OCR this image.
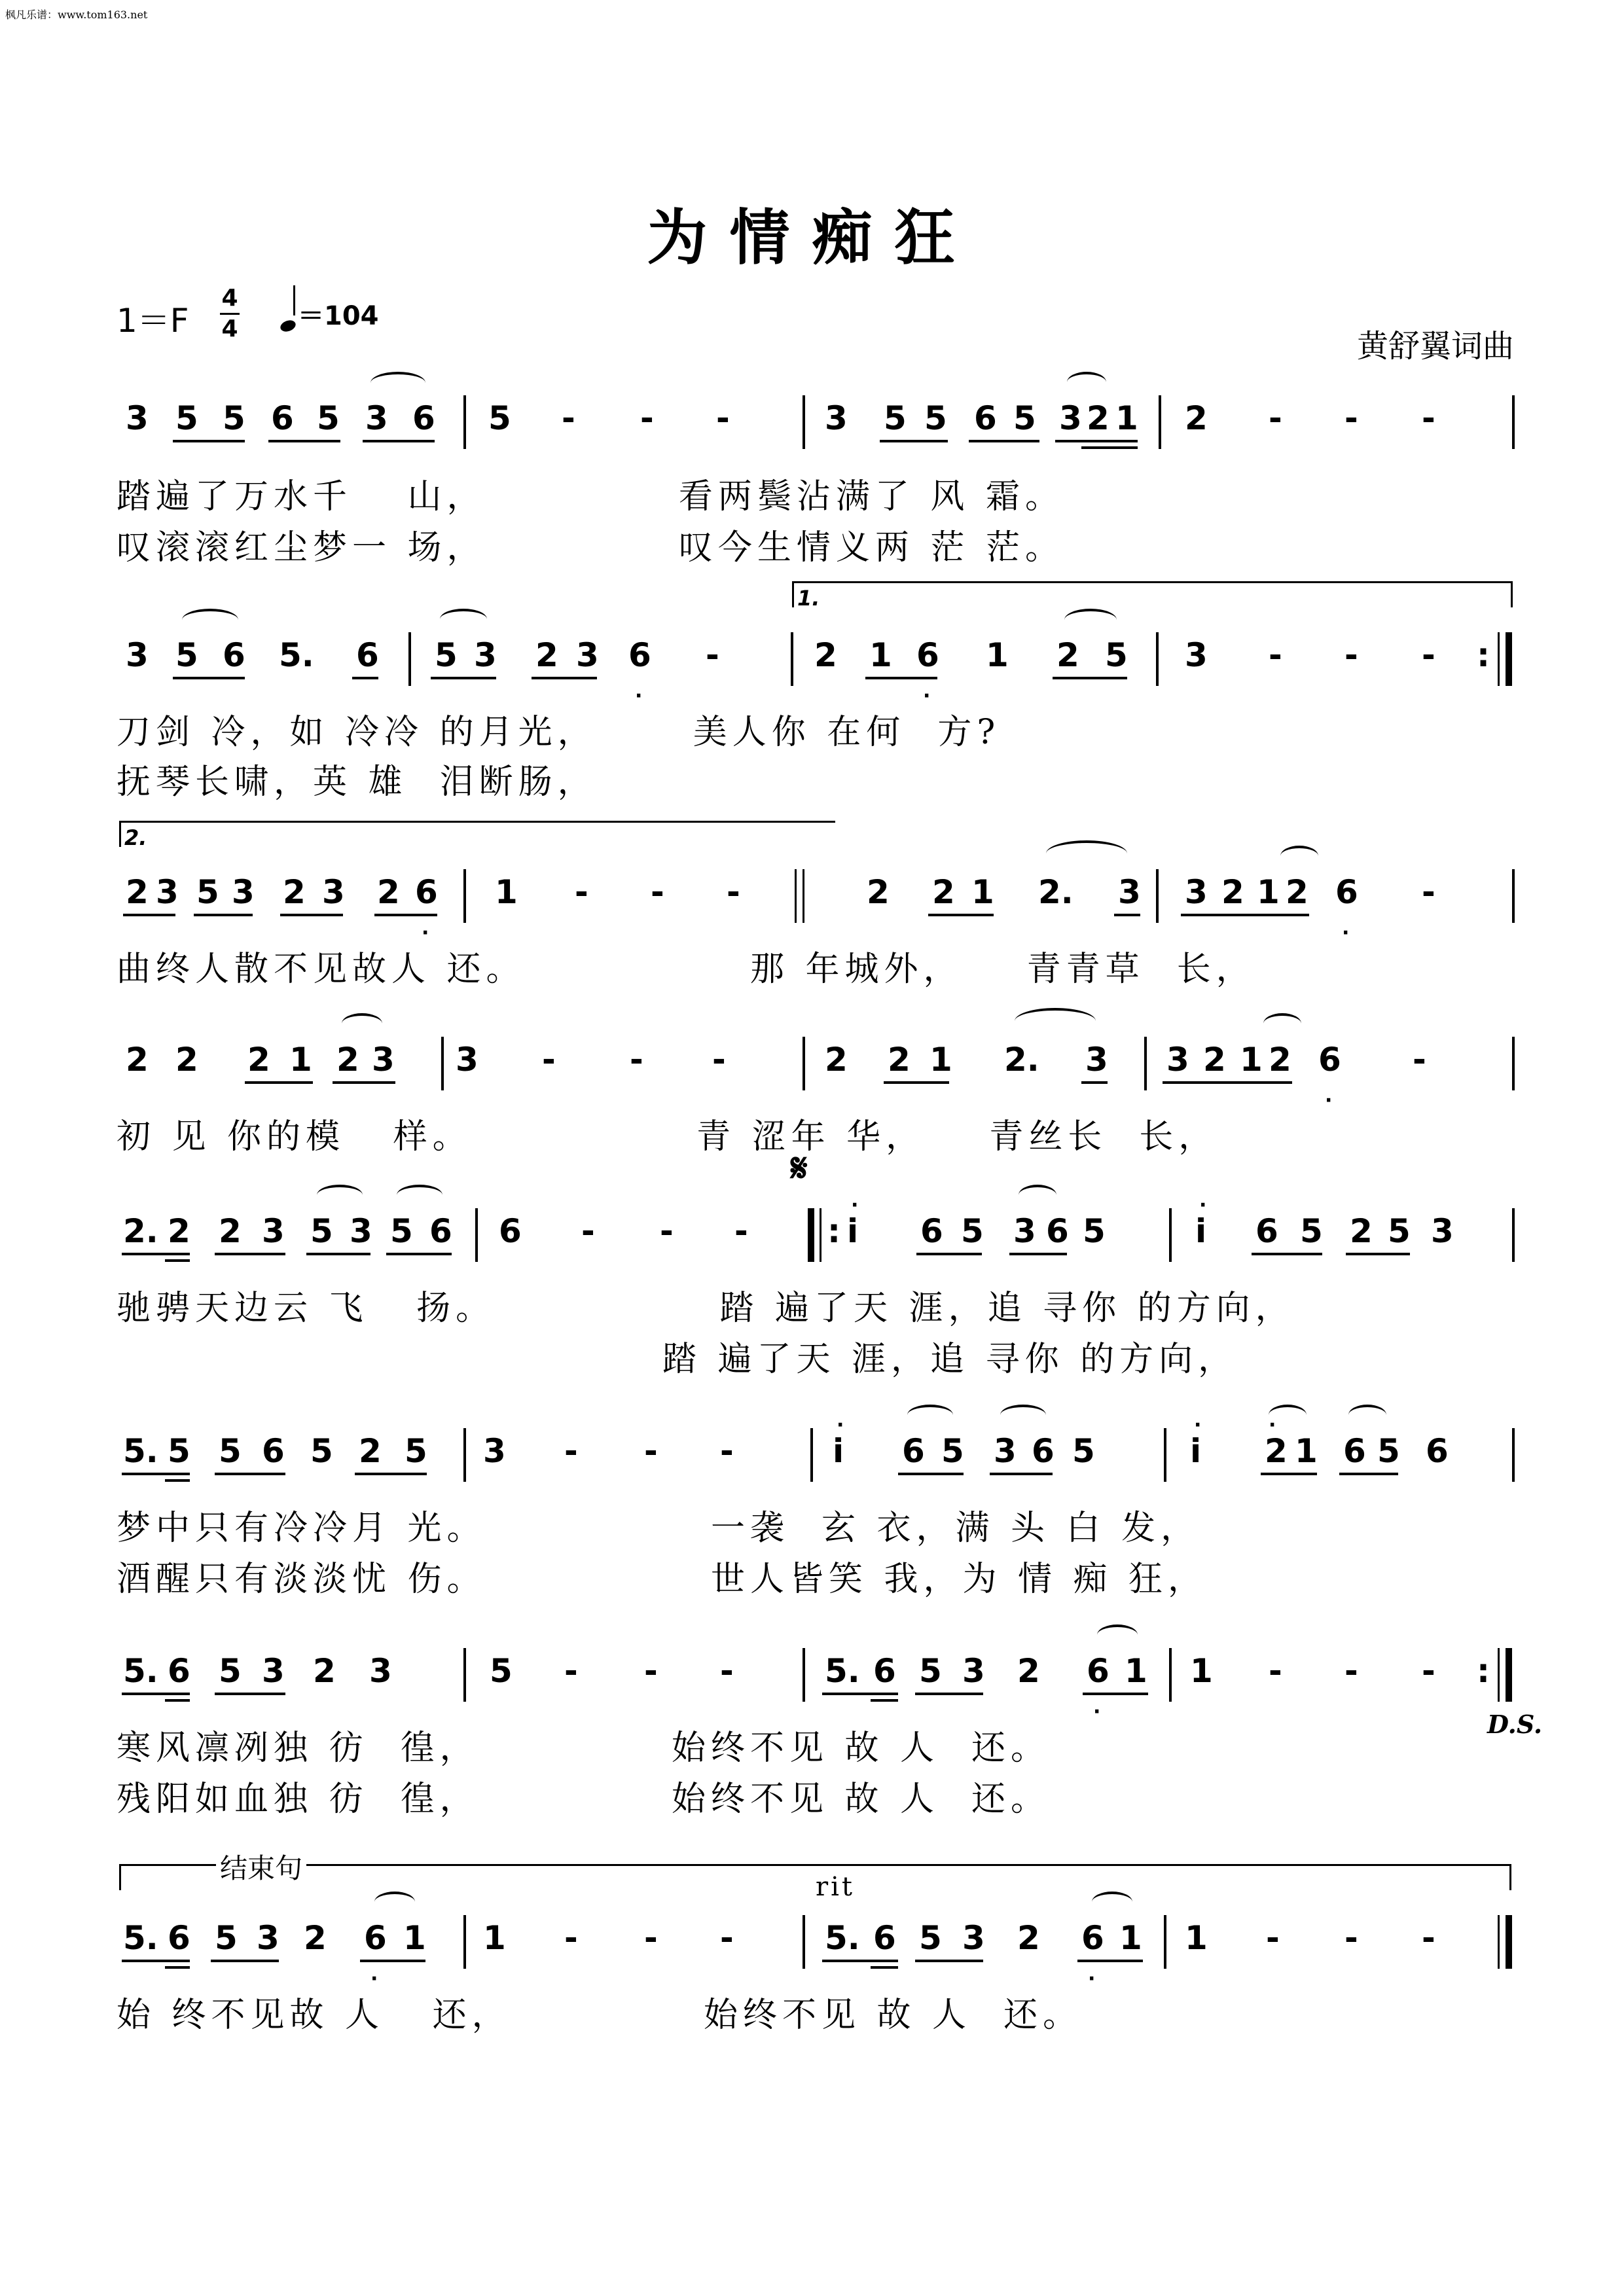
枫凡乐谱：www.tom163.net
为情痴狂
1＝F
4
4	＝104
黄舒翼词曲
3 5 5 6 5 3 6 5 - - -	3 5 5 6 5 3 2 1 2 - - -
踏遍了万水千　 山，            看两鬓沾满了 风 霜。
叹滚滚红尘梦一 场，            叹今生情义两 茫 茫。
1.
3 5 6 5. 6 5 3 2 3 6
·
-	2 1 6
·
1 2 5 3 - - - :
刀剑 冷，如 冷冷 的月光，      美人你 在何  方?
抚琴长啸，英 雄  泪断肠，
2.
2 3 5 3 2 3 2 6
·
1 - - -	2 2 1 2. 3 3 2 1 2 6
·
-
曲终人散不见故人 还。              那 年城外，    青青草  长，
2 2 2 1 2 3 3 - - -	2 2 1 2. 3 3 2 1 2 6
·
-
初 见 你的模   样。              青 涩年 华，    青丝长  长，
𝄋
2. 2 2 3 5 3 5 6 6 - - - : i
·
6 5 3 6 5	i
·
6 5 2 5 3
驰骋天边云 飞   扬。              踏 遍了天 涯，追 寻你 的方向，
踏 遍了天 涯，追 寻你 的方向，
5. 5 5 6 5 2 5 3 - - -	i
·
6 5 3 6 5	i
·
2
·
1 6 5 6
梦中只有冷冷月 光。              一袭  玄 衣，满 头 白 发，
酒醒只有淡淡忧 伤。              世人皆笑 我，为 情 痴 狂，
5. 6 5 3 2 3	5 - - -	5. 6 5 3 2 6
·
1 1 - - - :
寒风凛冽独 彷  徨，            始终不见 故 人  还。
残阳如血独 彷  徨，            始终不见 故 人  还。
D.S.
结束句
rit
5. 6 5 3 2 6
·
1 1 - - -	5. 6 5 3 2 6
·
1 1 - - -
始 终不见故 人   还，            始终不见 故 人  还。
